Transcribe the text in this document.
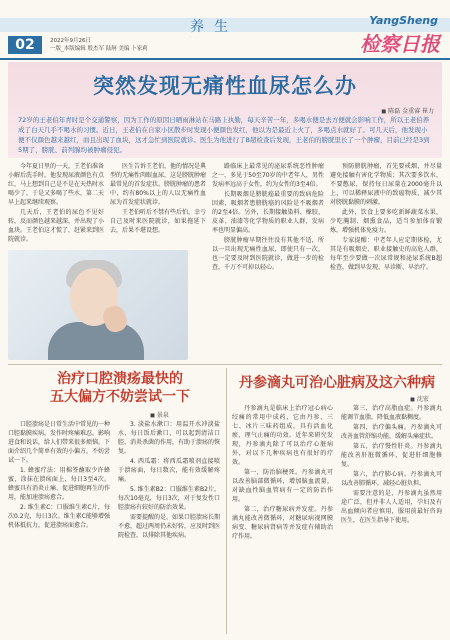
养生	YangSheng
检察日报
02	2022年9月26日
一版_本版编辑 殷杰军 陆舸 美编 卜家莉
突然发现无痛性血尿怎么办
◼ 陈磊 金重睿 崔力
72岁的王老伯年青时是个交通警察，因为工作的原因日晒雨淋站在马路上执勤，每天辛苦一年，多喝水便是去方便就会影响工作，所以王老伯养成了白天几乎不喝水的习惯。近日，王老伯在自家小区散步时发现小便颜色发红，他以为是最近上火了，多喝点水就好了。可几天后，他发现小便不仅颜色越来越红，而且出现了血块，这才急忙到医院就诊。医生为他进行了B超检查后发现，王老伯的膀胱里长了一个肿瘤，目前已经是3到5期了，膀胱、前列腺均被肿瘤侵犯。

今年夏日里的一天，王老伯准备小解后洗手时，他发现尿液颜色有点红，马上想到自己是不是在天热时水喝少了，于是又多喝了些水，第二天早上起来继续观察。

几天后，王老伯的尿色不见好转，反而颜色越来越深，并出现了小血块。王老伯这才慌了，赶紧来到医院就诊。

医生告诉王老伯，他的情况是典型的无痛性肉眼血尿，这是膀胱肿瘤最常见的首发症状。膀胱肿瘤的患者中，约有80%以上的人以无痛性血尿为首发症状就诊。

王老伯听后不禁有些后怕，幸亏自己及时来医院就诊，如果拖延下去，后果不堪设想。

路临床上最常见的泌尿系统恶性肿瘤之一，多见于50至70岁的中老年人，男性发病率远高于女性，约为女性的3至4倍。

长期吸烟是膀胱癌最重要的致病危险因素，吸烟者患膀胱癌的风险是不吸烟者的2至4倍。另外，长期接触染料、橡胶、皮革、油漆等化学物质的职业人群，发病率也明显偏高。

膀胱肿瘤早期往往没有其他不适，所以一旦出现无痛性血尿，即使只有一次，也一定要及时到医院就诊，做进一步的检查，千万不可掉以轻心。

预防膀胱肿瘤，首先要戒烟，并尽量避免接触有害化学物质；其次要多饮水，不要憋尿，保持每日尿量在2000毫升以上，可以稀释尿液中的致癌物质，减少其对膀胱黏膜的刺激。

此外，饮食上要多吃新鲜蔬菜水果，少吃腌制、烟熏食品，适当参加体育锻炼，增强机体免疫力。

专家提醒：中老年人应定期体检，尤其是有吸烟史、职业接触史的高危人群，每年至少要做一次尿常规和泌尿系统B超检查，做到早发现、早诊断、早治疗。

治疗口腔溃疡最快的
五大偏方不妨尝试一下
◼ 景泉

口腔溃疡是日常生活中常见的一种口腔黏膜疾病，发作时疼痛难忍，影响进食和说话，给人们带来很多烦恼。下面介绍几个简单有效的小偏方，不妨尝试一下。

1. 蜂蜜疗法：用棉签蘸取少许蜂蜜，涂抹在溃疡面上，每日3至4次。蜂蜜具有消炎止痛、促进细胞再生的作用，能加速溃疡愈合。

2. 维生素C：口服维生素C片，每次0.2克，每日3次。维生素C能够增强机体抵抗力，促进溃疡面愈合。

3. 淡盐水漱口：用温开水冲淡盐水，每日饭后漱口，可以起到清洁口腔、消炎杀菌的作用，有助于溃疡的恢复。

4. 西瓜霜：将西瓜霜喷剂直接喷于溃疡面，每日数次，能有效缓解疼痛。

5. 维生素B2：口服维生素B2片，每次10毫克，每日3次，对于复发性口腔溃疡有较好的防治效果。

需要提醒的是，如果口腔溃疡长期不愈，超过两周仍未好转，应及时到医院检查，以排除其他疾病。

丹参滴丸可治心脏病及这六种病
◼ 沈宏

丹参滴丸是临床上治疗冠心病心绞痛的常用中成药，它由丹参、三七、冰片三味药组成，具有活血化瘀、理气止痛的功效。近年来研究发现，丹参滴丸除了可以治疗心脏病外，对以下几种疾病也有很好的疗效。

第一，防治脑梗死。丹参滴丸可以改善脑部微循环，增加脑血流量，对缺血性脑血管病有一定的防治作用。

第二，治疗糖尿病并发症。丹参滴丸能改善微循环，对糖尿病视网膜病变、糖尿病肾病等并发症有辅助治疗作用。

第三，治疗高脂血症。丹参滴丸能调节血脂，降低血液黏稠度。

第四，治疗偏头痛。丹参滴丸可改善血管舒缩功能，缓解头痛症状。

第五，治疗慢性肝炎。丹参滴丸能改善肝脏微循环，促进肝细胞修复。

第六，治疗肺心病。丹参滴丸可以改善肺循环，减轻心脏负担。

需要注意的是，丹参滴丸虽然用途广泛，但并非人人适用，孕妇及有出血倾向者应慎用，服用前最好咨询医生，在医生指导下使用。
